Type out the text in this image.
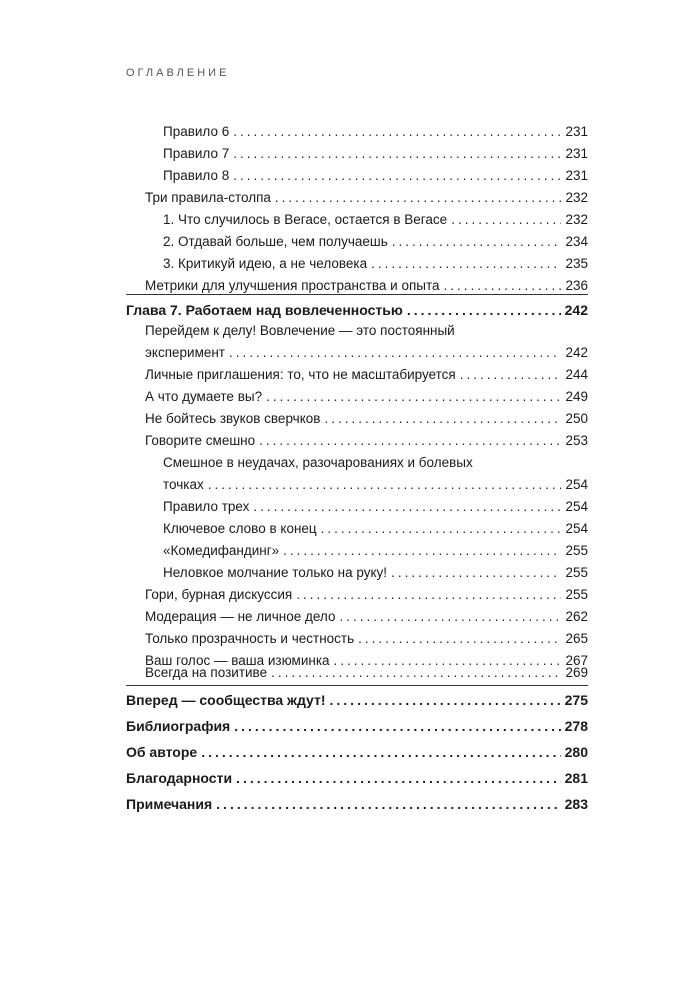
ОГЛАВЛЕНИЕ
Правило 6 .....	231
Правило 7 .....	231
Правило 8 .....	231
Три правила-столпа .....	232
1. Что случилось в Вегасе, остается в Вегасе .....	232
2. Отдавай больше, чем получаешь .....	234
3. Критикуй идею, а не человека .....	235
Метрики для улучшения пространства и опыта .....	236
Глава 7. Работаем над вовлеченностью .....	242
Перейдем к делу! Вовлечение — это постоянный
эксперимент .....	242
Личные приглашения: то, что не масштабируется .....	244
А что думаете вы? .....	249
Не бойтесь звуков сверчков .....	250
Говорите смешно .....	253
Смешное в неудачах, разочарованиях и болевых
точках .....	254
Правило трех .....	254
Ключевое слово в конец .....	254
«Комедифандинг» .....	255
Неловкое молчание только на руку! .....	255
Гори, бурная дискуссия .....	255
Модерация — не личное дело .....	262
Только прозрачность и честность .....	265
Ваш голос — ваша изюминка .....	267
Всегда на позитиве .....	269
Вперед — сообщества ждут! .....	275
Библиография .....	278
Об авторе .....	280
Благодарности .....	281
Примечания .....	283
